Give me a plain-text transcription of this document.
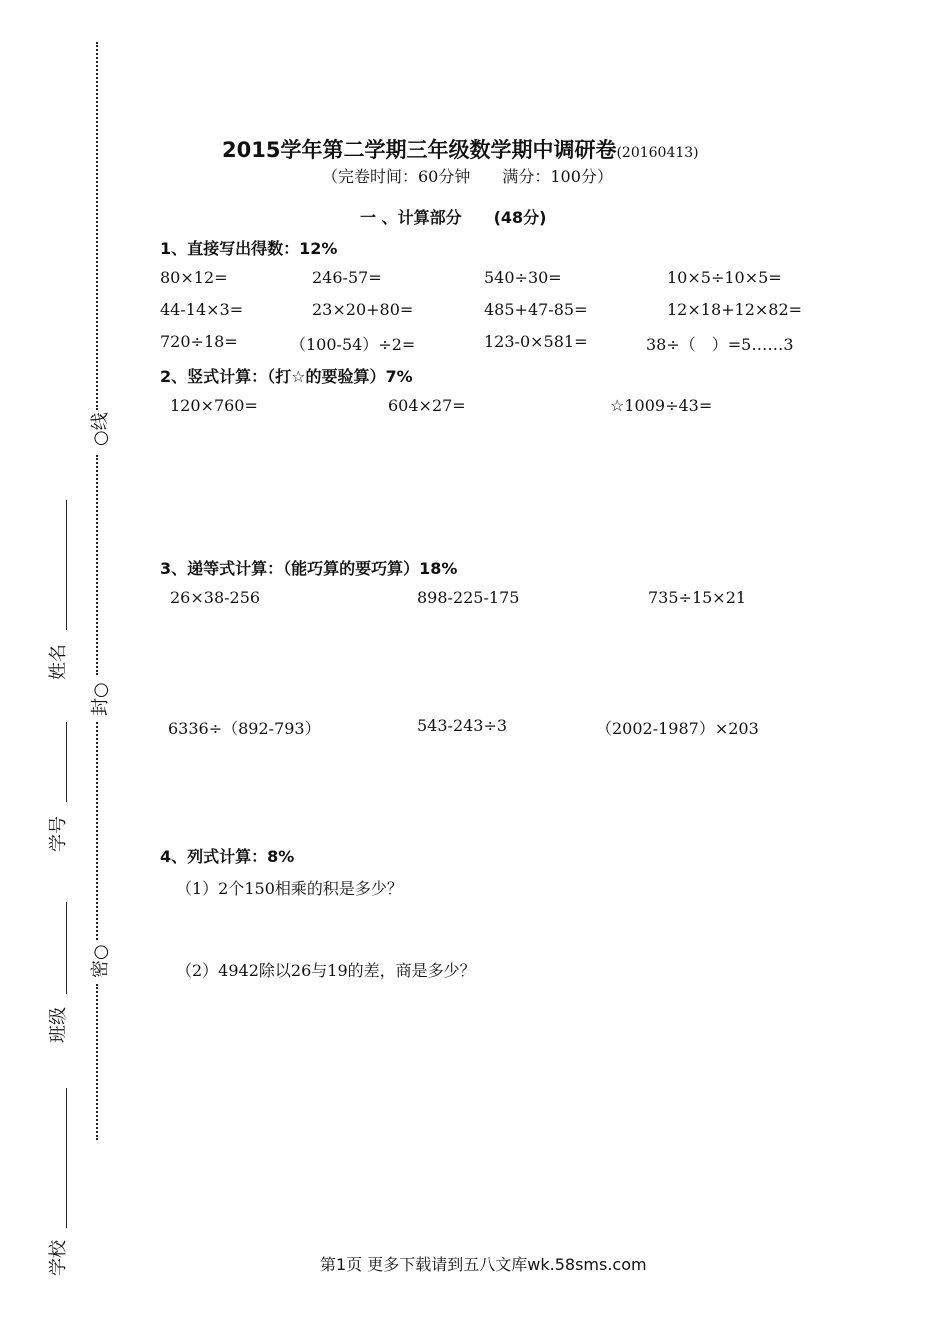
○线
封○
密○
姓名
学号
班级
学校
2015学年第二学期三年级数学期中调研卷(20160413)
（完卷时间：60分钟　　满分：100分）
一 、计算部分　　(48分)
1、直接写出得数：12%
80×12=	246-57=	540÷30=	10×5÷10×5=
44-14×3=	23×20+80=	485+47-85=	12×18+12×82=
720÷18=	（100-54）÷2=	123-0×581=	38÷（　）=5……3
2、竖式计算：（打☆的要验算）7%
120×760=	604×27=	☆1009÷43=
3、递等式计算：（能巧算的要巧算）18%
26×38-256	898-225-175	735÷15×21
6336÷（892-793）	543-243÷3	（2002-1987）×203
4、列式计算：8%
（1）2个150相乘的积是多少？
（2）4942除以26与19的差，商是多少？
第1页 更多下载请到五八文库wk.58sms.com
